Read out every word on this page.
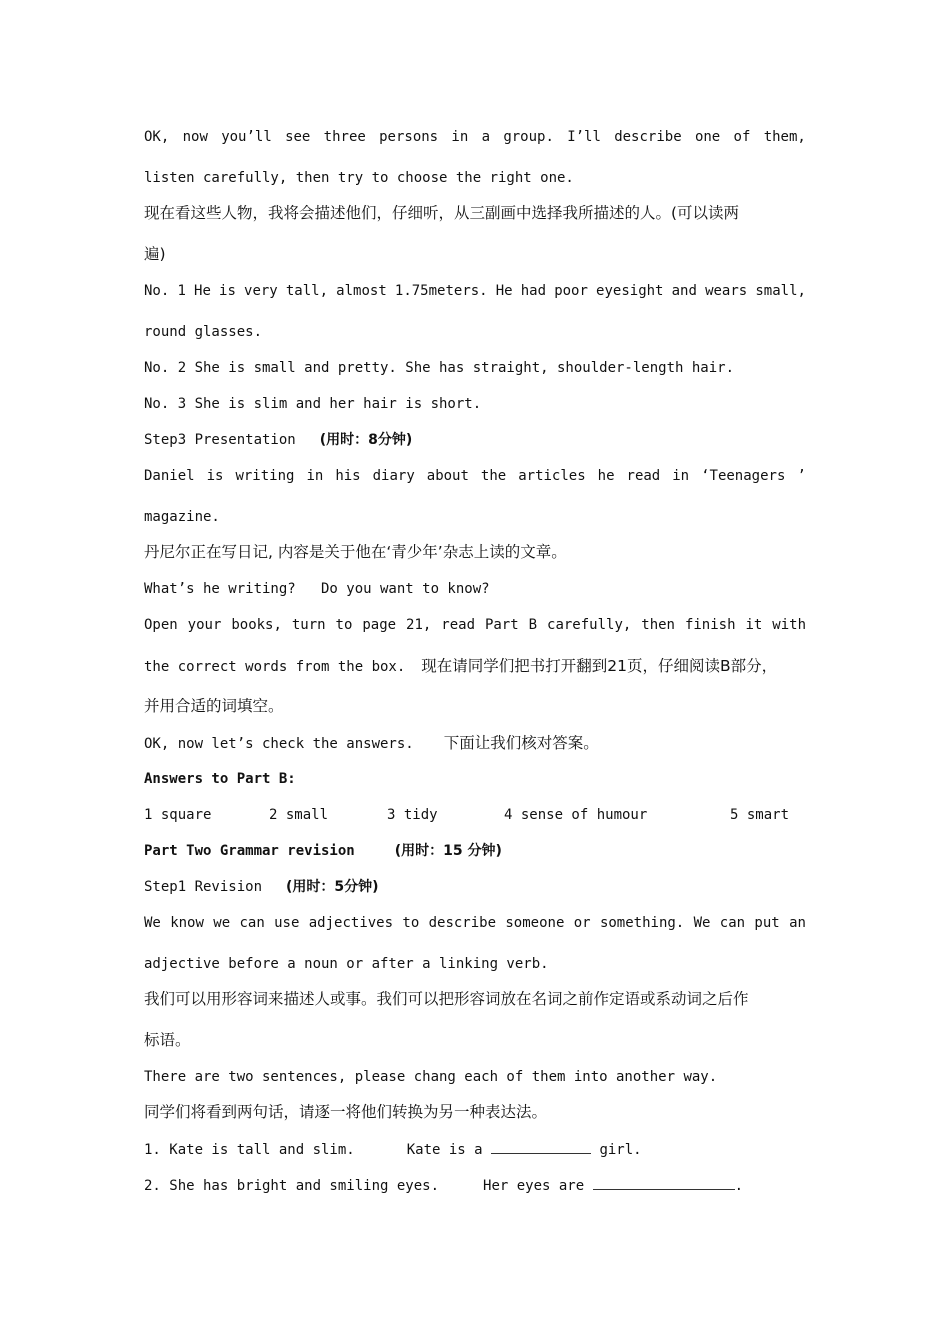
OK, now you’ll see three persons in a group. I’ll describe one of them,
listen carefully, then try to choose the right one.
现在看这些人物，我将会描述他们，仔细听，从三副画中选择我所描述的人。(可以读两
遍)
No. 1 He is very tall, almost 1.75meters. He had poor eyesight and wears small,
round glasses.
No. 2 She is small and pretty. She has straight, shoulder-length hair.
No. 3 She is slim and her hair is short.
Step3 Presentation (用时：8分钟)
Daniel is writing in his diary about the articles he read in ‘Teenagers ’
magazine.
丹尼尔正在写日记, 内容是关于他在‘青少年’杂志上读的文章。
What’s he writing?   Do you want to know?
Open your books, turn to page 21, read Part B carefully, then finish it with
the correct words from the box. 现在请同学们把书打开翻到21页，仔细阅读B部分，
并用合适的词填空。
OK, now let’s check the answers. 下面让我们核对答案。
Answers to Part B:

1 square

	2 small

	3 tidy

	4 sense of humour

	5 smart

Part Two Grammar revision	(用时：15 分钟)
Step1 Revision (用时：5分钟)
We know we can use adjectives to describe someone or something. We can put an
adjective before a noun or after a linking verb.
我们可以用形容词来描述人或事。我们可以把形容词放在名词之前作定语或系动词之后作
标语。
There are two sentences, please chang each of them into another way.
同学们将看到两句话，请逐一将他们转换为另一种表达法。
1. Kate is tall and slim.	Kate is a	girl.
2. She has bright and smiling eyes.	Her eyes are	.
